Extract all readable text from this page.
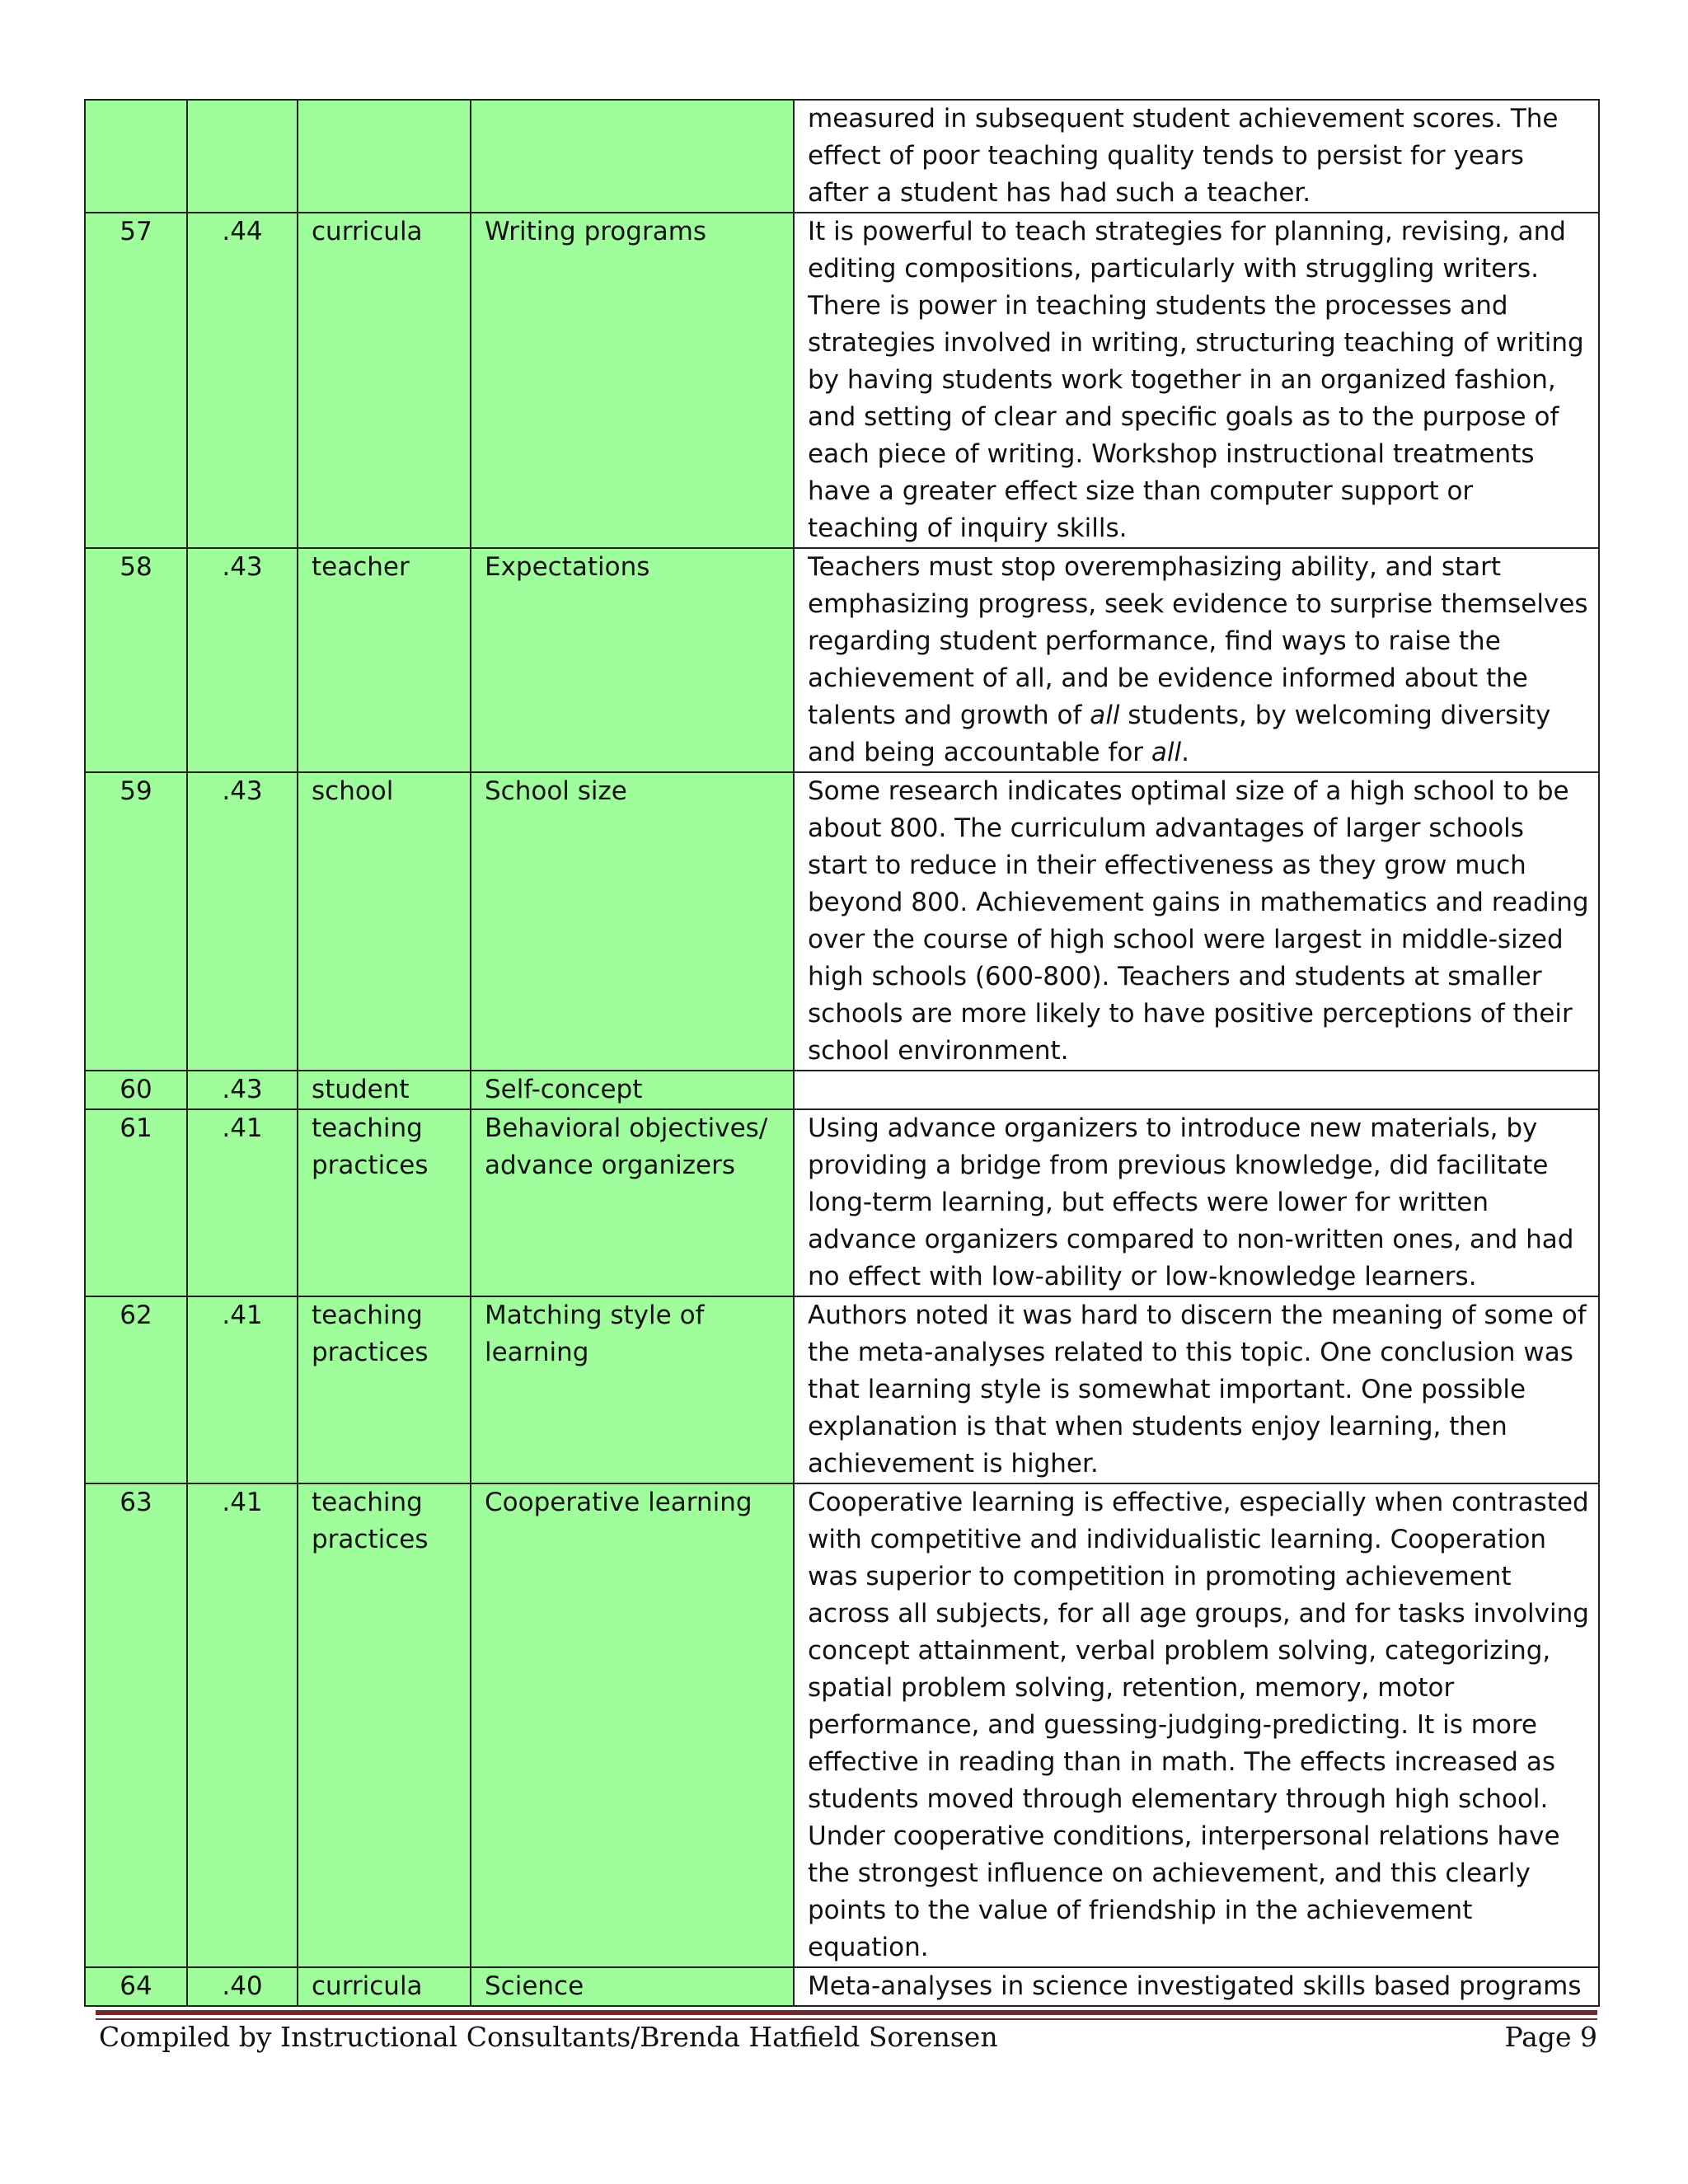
				measured in subsequent student achievement scores. The effect of poor teaching quality tends to persist for years after a student has had such a teacher.
57	.44	curricula	Writing programs	It is powerful to teach strategies for planning, revising, and editing compositions, particularly with struggling writers. There is power in teaching students the processes and strategies involved in writing, structuring teaching of writing by having students work together in an organized fashion, and setting of clear and specific goals as to the purpose of each piece of writing. Workshop instructional treatments have a greater effect size than computer support or teaching of inquiry skills.
58	.43	teacher	Expectations	Teachers must stop overemphasizing ability, and start emphasizing progress, seek evidence to surprise themselves regarding student performance, find ways to raise the achievement of all, and be evidence informed about the talents and growth of all students, by welcoming diversity and being accountable for all.
59	.43	school	School size	Some research indicates optimal size of a high school to be about 800. The curriculum advantages of larger schools start to reduce in their effectiveness as they grow much beyond 800. Achievement gains in mathematics and reading over the course of high school were largest in middle-sized high schools (600-800). Teachers and students at smaller schools are more likely to have positive perceptions of their school environment.
60	.43	student	Self-concept	
61	.41	teaching practices	Behavioral objectives/ advance organizers	Using advance organizers to introduce new materials, by providing a bridge from previous knowledge, did facilitate long-term learning, but effects were lower for written advance organizers compared to non-written ones, and had no effect with low-ability or low-knowledge learners.
62	.41	teaching practices	Matching style of learning	Authors noted it was hard to discern the meaning of some of the meta-analyses related to this topic. One conclusion was that learning style is somewhat important. One possible explanation is that when students enjoy learning, then achievement is higher.
63	.41	teaching practices	Cooperative learning	Cooperative learning is effective, especially when contrasted with competitive and individualistic learning. Cooperation was superior to competition in promoting achievement across all subjects, for all age groups, and for tasks involving concept attainment, verbal problem solving, categorizing, spatial problem solving, retention, memory, motor performance, and guessing-judging-predicting. It is more effective in reading than in math. The effects increased as students moved through elementary through high school. Under cooperative conditions, interpersonal relations have the strongest influence on achievement, and this clearly points to the value of friendship in the achievement equation.
64	.40	curricula	Science	Meta-analyses in science investigated skills based programs
Compiled by Instructional Consultants/Brenda Hatfield Sorensen	Page 9
